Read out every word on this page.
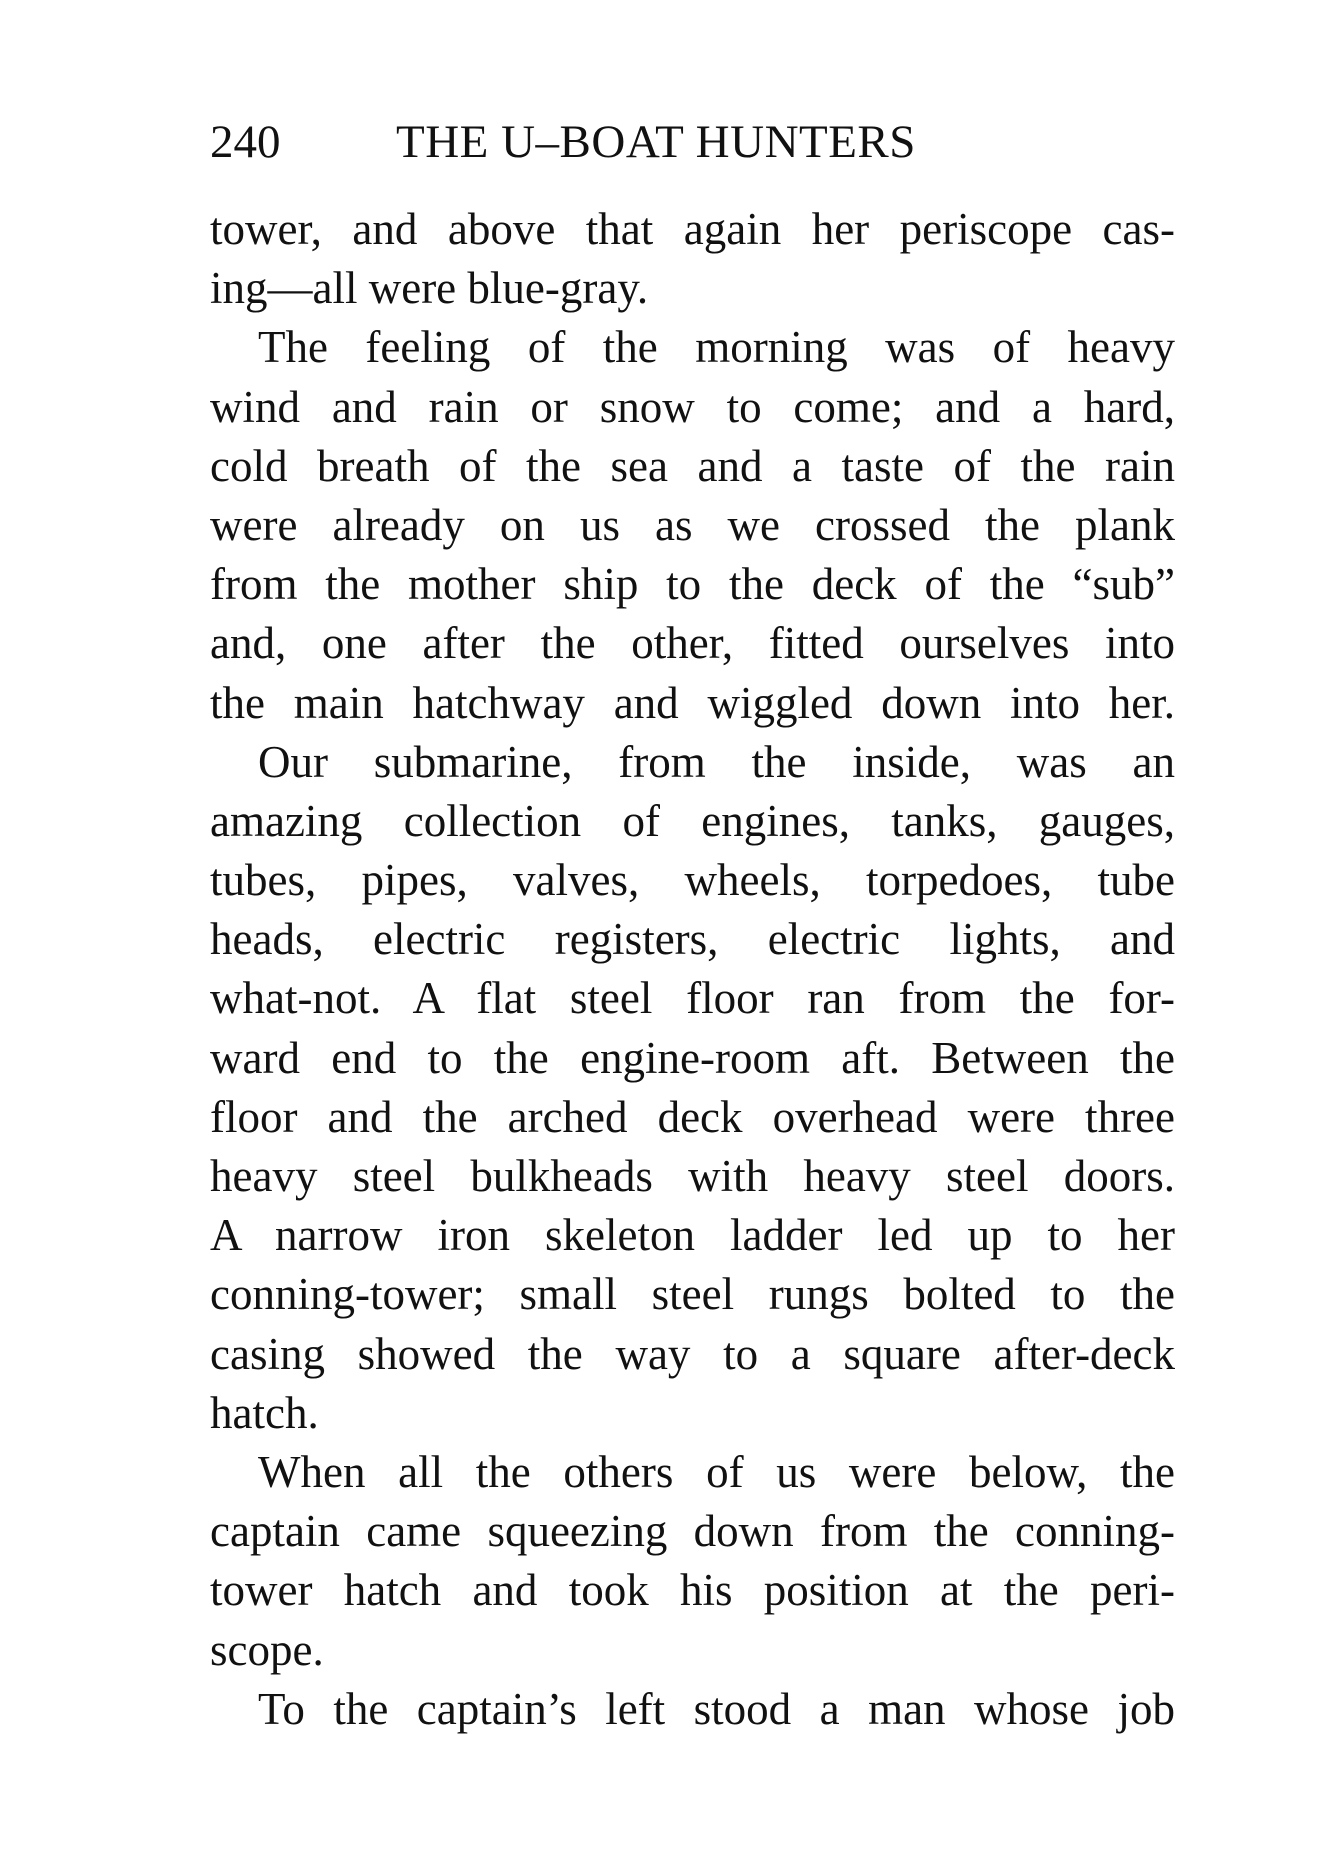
240 THE U–BOAT HUNTERS
tower, and above that again her periscope cas-
ing—all were blue-gray.
The feeling of the morning was of heavy
wind and rain or snow to come; and a hard,
cold breath of the sea and a taste of the rain
were already on us as we crossed the plank
from the mother ship to the deck of the “sub”
and, one after the other, fitted ourselves into
the main hatchway and wiggled down into her.
Our submarine, from the inside, was an
amazing collection of engines, tanks, gauges,
tubes, pipes, valves, wheels, torpedoes, tube
heads, electric registers, electric lights, and
what-not. A flat steel floor ran from the for-
ward end to the engine-room aft. Between the
floor and the arched deck overhead were three
heavy steel bulkheads with heavy steel doors.
A narrow iron skeleton ladder led up to her
conning-tower; small steel rungs bolted to the
casing showed the way to a square after-deck
hatch.
When all the others of us were below, the
captain came squeezing down from the conning-
tower hatch and took his position at the peri-
scope.
To the captain’s left stood a man whose job
